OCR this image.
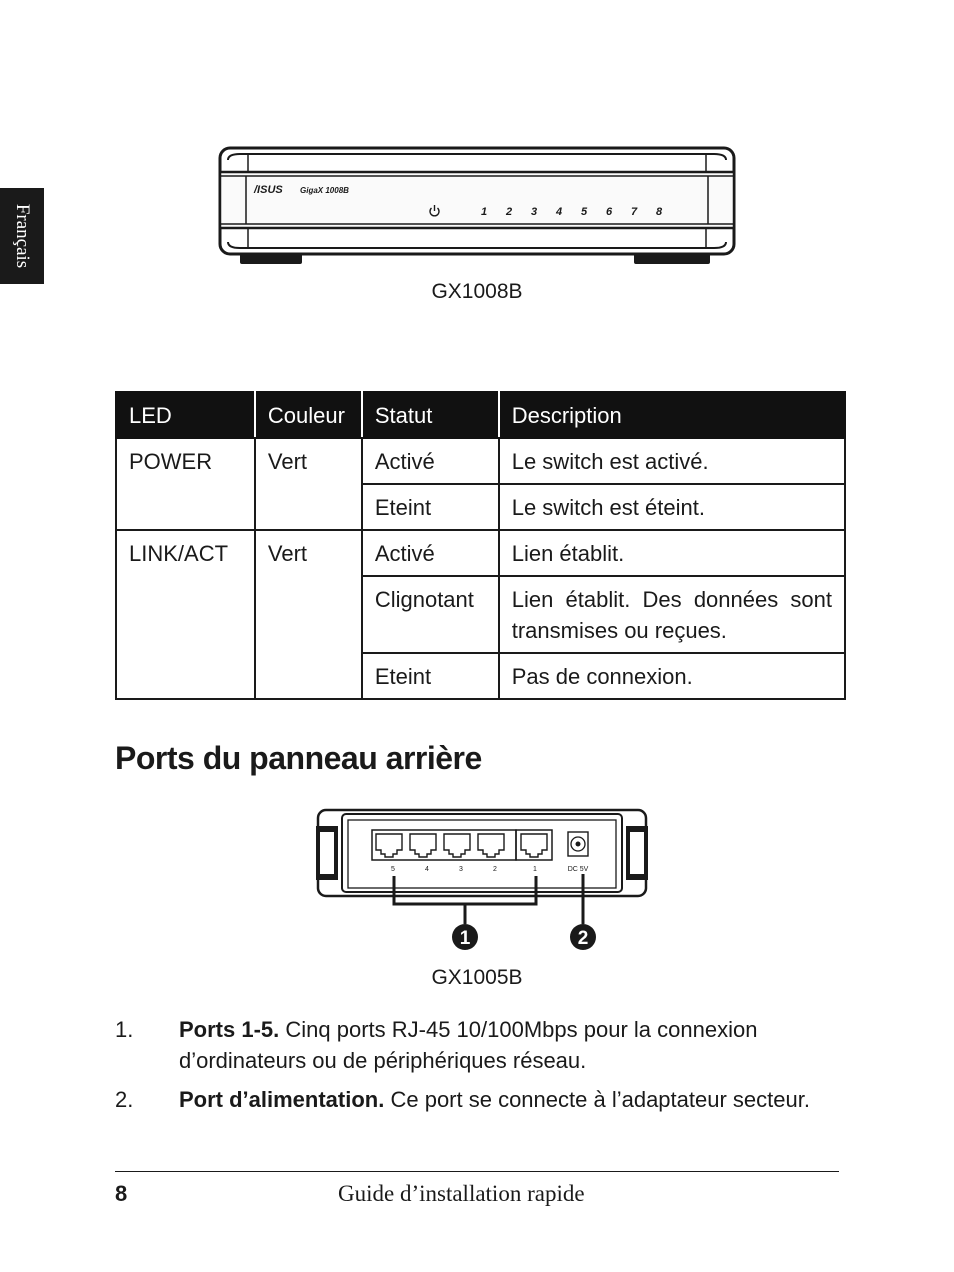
Français
/ISUS GigaX 1008B
1 2 3 4 5 6 7 8
GX1008B
LED	Couleur	Statut	Description
POWER	Vert	Activé	Le switch est activé.
		Eteint	Le switch est éteint.
LINK/ACT	Vert	Activé	Lien établit.
		Clignotant	Lien établit. Des données sont transmises ou reçues.
		Eteint	Pas de connexion.
Ports du panneau arrière
5	4	3	2	1	DC 5V
1	2
GX1005B
1. Ports 1-5. Cinq ports RJ-45 10/100Mbps pour la connexion d’ordinateurs ou de périphériques réseau.
2. Port d’alimentation. Ce port se connecte à l’adaptateur secteur.
8	Guide d’installation rapide
